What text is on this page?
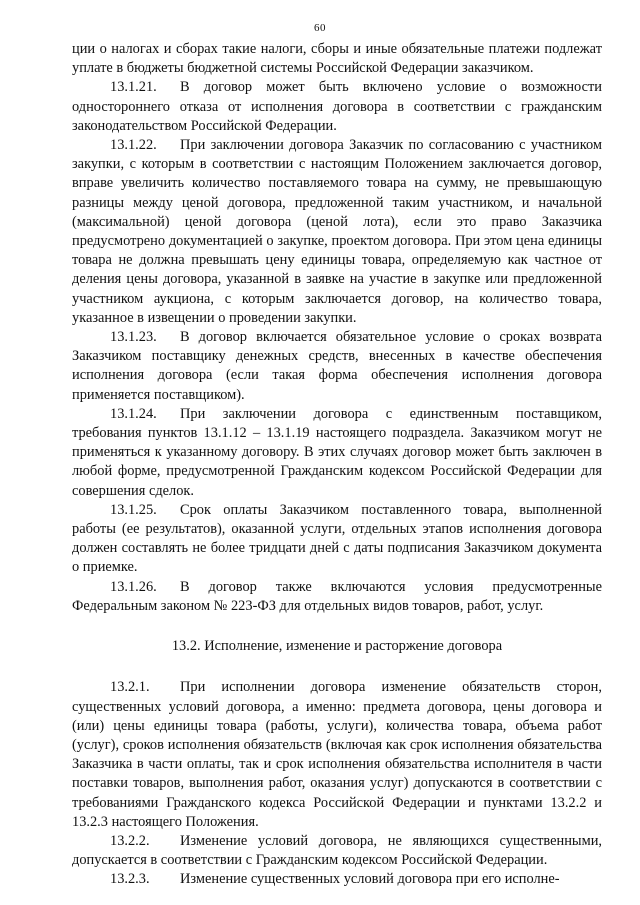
60

ции о налогах и сборах такие налоги, сборы и иные обязательные платежи подлежат уплате в бюджеты бюджетной системы Российской Федерации заказчиком.

13.1.21. В договор может быть включено условие о возможности одностороннего отказа от исполнения договора в соответствии с гражданским законодательством Российской Федерации.

13.1.22. При заключении договора Заказчик по согласованию с участником закупки, с которым в соответствии с настоящим Положением заключается договор, вправе увеличить количество поставляемого товара на сумму, не превышающую разницы между ценой договора, предложенной таким участником, и начальной (максимальной) ценой договора (ценой лота), если это право Заказчика предусмотрено документацией о закупке, проектом договора. При этом цена единицы товара не должна превышать цену единицы товара, определяемую как частное от деления цены договора, указанной в заявке на участие в закупке или предложенной участником аукциона, с которым заключается договор, на количество товара, указанное в извещении о проведении закупки.

13.1.23. В договор включается обязательное условие о сроках возврата Заказчиком поставщику денежных средств, внесенных в качестве обеспечения исполнения договора (если такая форма обеспечения исполнения договора применяется поставщиком).

13.1.24. При заключении договора с единственным поставщиком, требования пунктов 13.1.12 – 13.1.19 настоящего подраздела. Заказчиком могут не применяться к указанному договору. В этих случаях договор может быть заключен в любой форме, предусмотренной Гражданским кодексом Российской Федерации для совершения сделок.

13.1.25. Срок оплаты Заказчиком поставленного товара, выполненной работы (ее результатов), оказанной услуги, отдельных этапов исполнения договора должен составлять не более тридцати дней с даты подписания Заказчиком документа о приемке.

13.1.26. В договор также включаются условия предусмотренные Федеральным законом № 223-ФЗ для отдельных видов товаров, работ, услуг.

13.2. Исполнение, изменение и расторжение договора

13.2.1. При исполнении договора изменение обязательств сторон, существенных условий договора, а именно: предмета договора, цены договора и (или) цены единицы товара (работы, услуги), количества товара, объема работ (услуг), сроков исполнения обязательств (включая как срок исполнения обязательства Заказчика в части оплаты, так и срок исполнения обязательства исполнителя в части поставки товаров, выполнения работ, оказания услуг) допускаются в соответствии с требованиями Гражданского кодекса Российской Федерации и пунктами 13.2.2 и 13.2.3 настоящего Положения.

13.2.2. Изменение условий договора, не являющихся существенными, допускается в соответствии с Гражданским кодексом Российской Федерации.

13.2.3. Изменение существенных условий договора при его исполне-
